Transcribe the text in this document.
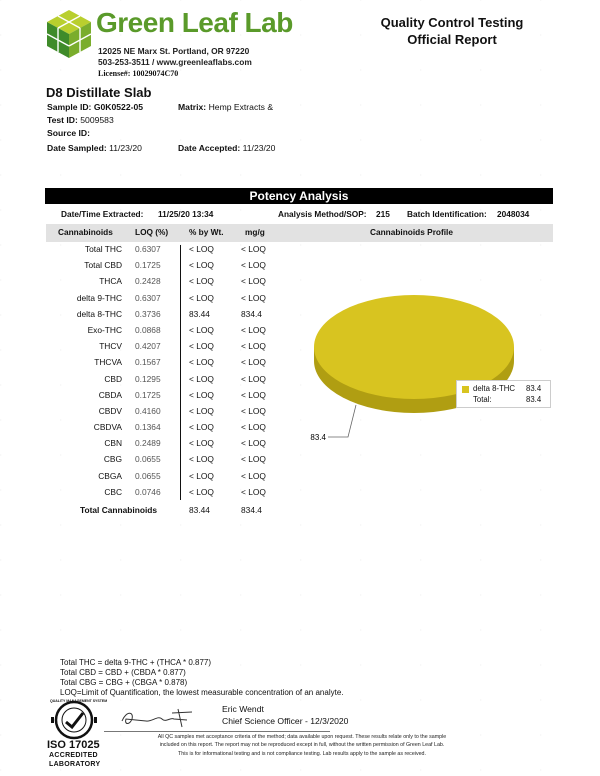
Green Leaf Lab
12025 NE Marx St. Portland, OR 97220
503-253-3511 / www.greenleaflabs.com
License#: 10029074C70
Quality Control Testing
Official Report
D8 Distillate Slab
Sample ID: G0K0522-05	Matrix: Hemp Extracts &
Test ID: 5009583
Source ID:
Date Sampled: 11/23/20	Date Accepted: 11/23/20
Potency Analysis
Date/Time Extracted: 11/25/20 13:34	Analysis Method/SOP: 215 Batch Identification: 2048034
Cannabinoids	LOQ (%)	% by Wt.	mg/g	Cannabinoids Profile
Total THC 0.6307	< LOQ	< LOQ
Total CBD 0.1725	< LOQ	< LOQ
THCA 0.2428	< LOQ	< LOQ
delta 9-THC 0.6307	< LOQ	< LOQ
delta 8-THC 0.3736	83.44	834.4
Exo-THC 0.0868	< LOQ	< LOQ
THCV 0.4207	< LOQ	< LOQ
THCVA 0.1567	< LOQ	< LOQ
CBD 0.1295	< LOQ	< LOQ
CBDA 0.1725	< LOQ	< LOQ
CBDV 0.4160	< LOQ	< LOQ
CBDVA 0.1364	< LOQ	< LOQ
CBN 0.2489	< LOQ	< LOQ
CBG 0.0655	< LOQ	< LOQ
CBGA 0.0655	< LOQ	< LOQ
CBC 0.0746	< LOQ	< LOQ
Total Cannabinoids	83.44	834.4
83.4
delta 8-THC 83.4
Total:	83.4
Total THC = delta 9-THC + (THCA * 0.877)
Total CBD = CBD + (CBDA * 0.877)
Total CBG = CBG + (CBGA * 0.878)
LOQ=Limit of Quantification, the lowest measurable concentration of an analyte.
QUALITY MANAGEMENT SYSTEM
ISO 17025
ACCREDITED
LABORATORY
Eric Wendt
Chief Science Officer - 12/3/2020
All QC samples met acceptance criteria of the method; data available upon request. These results relate only to the sample
included on this report. The report may not be reproduced except in full, without the written permission of Green Leaf Lab.
This is for informational testing and is not compliance testing. Lab results apply to the sample as received.
